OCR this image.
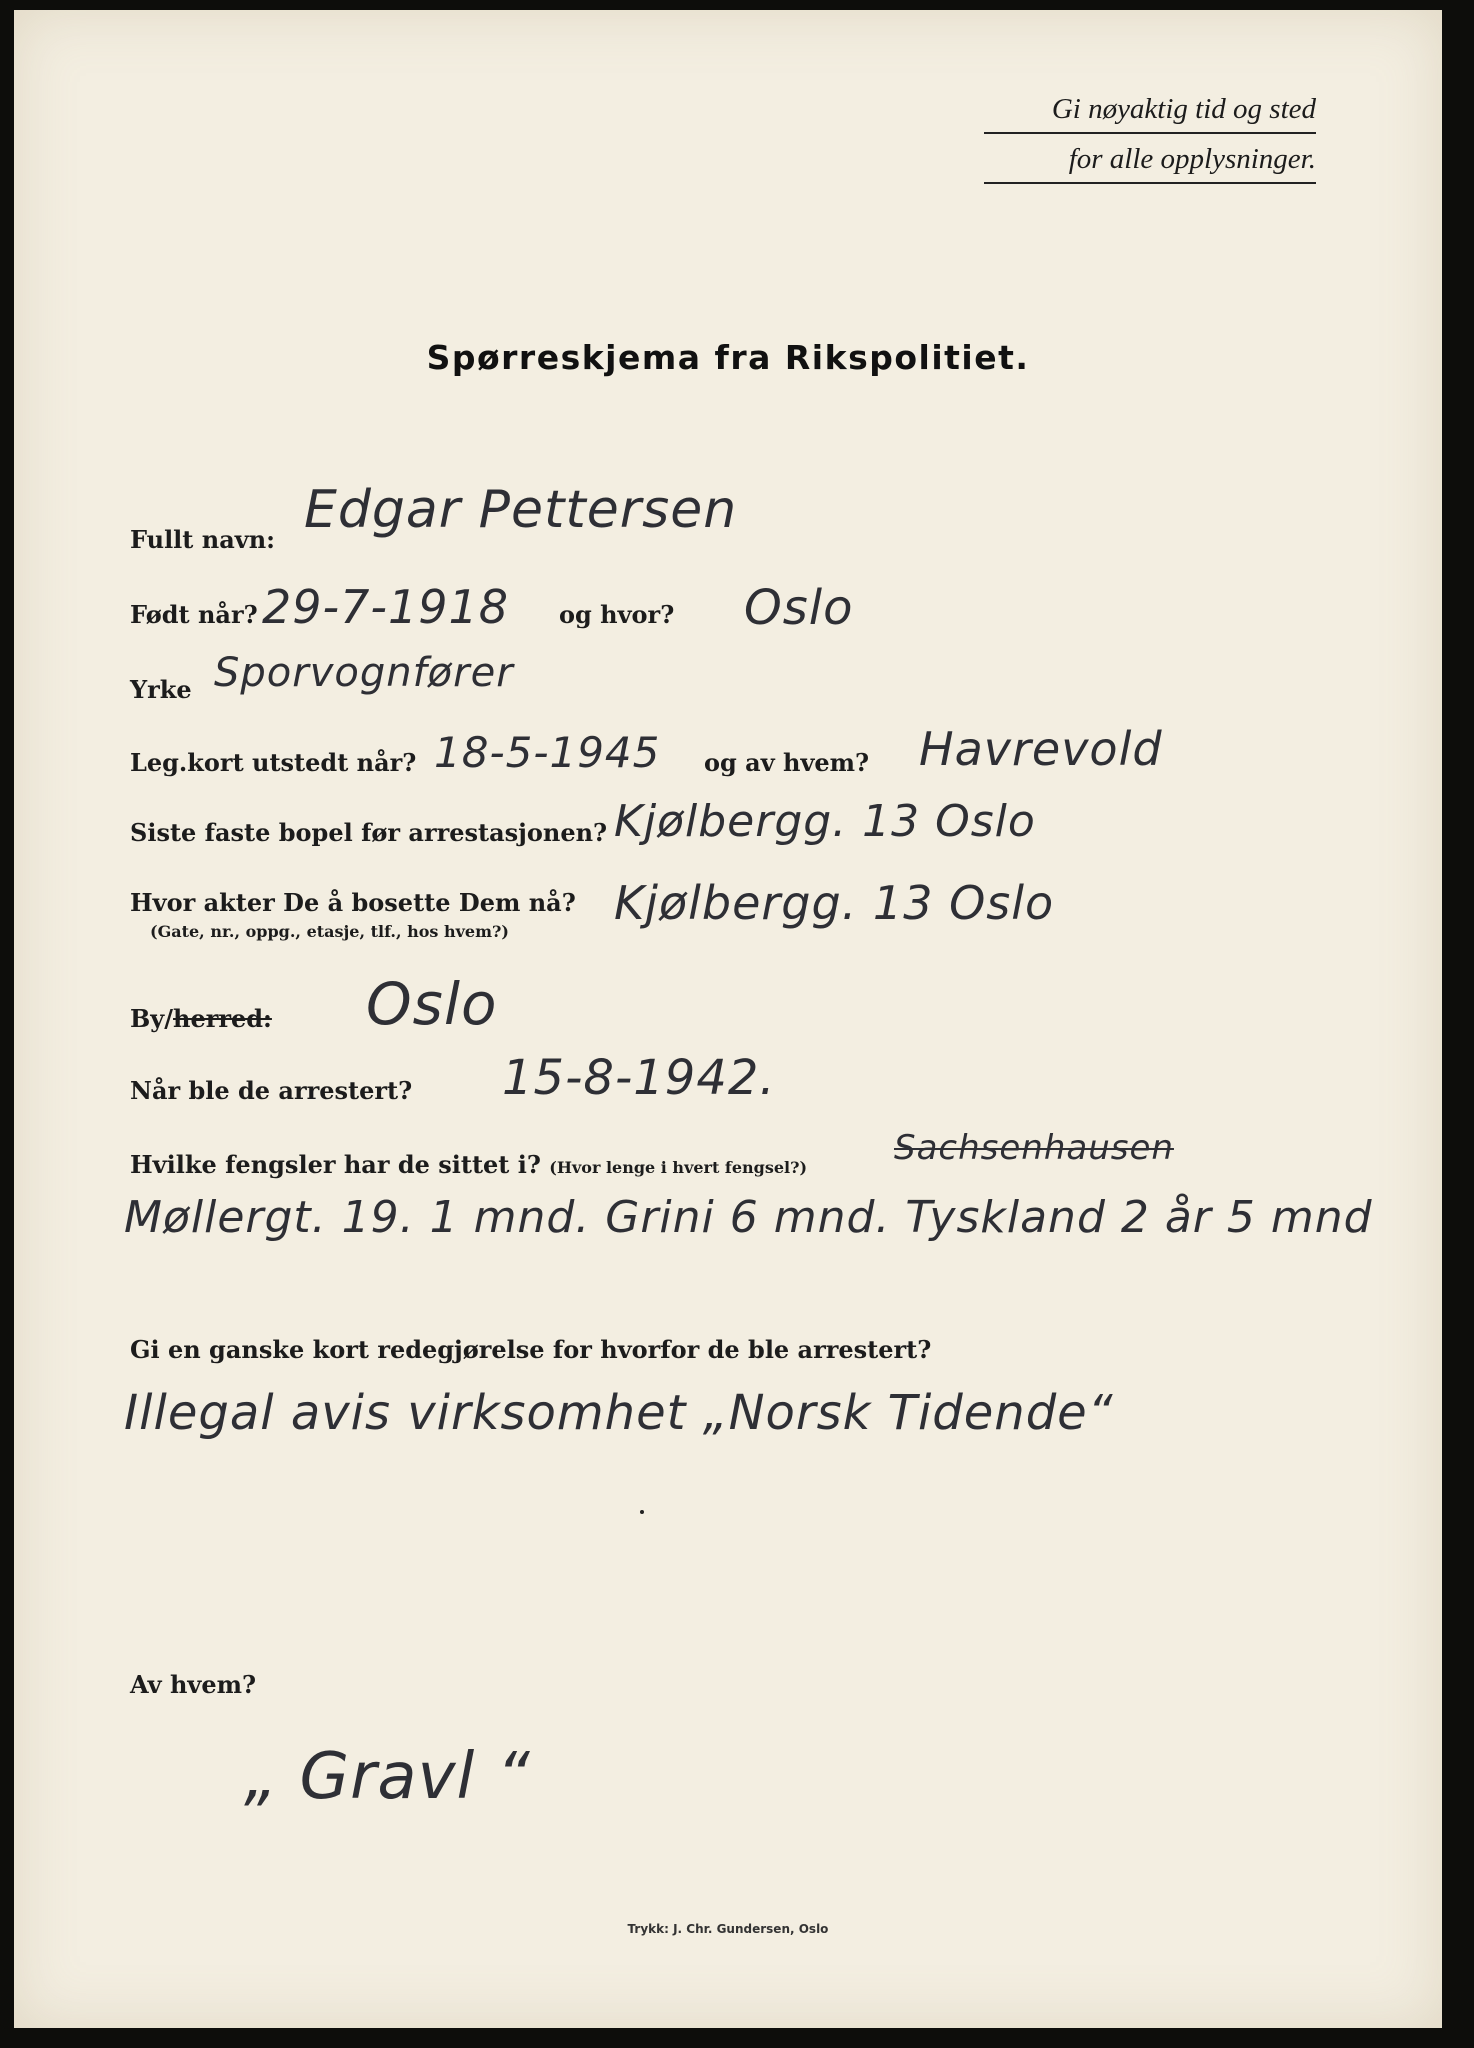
Gi nøyaktig tid og sted
for alle opplysninger.
Spørreskjema fra Rikspolitiet.
Fullt navn: Edgar Pettersen
Født når? 29-7-1918 og hvor? Oslo
Yrke Sporvognfører
Leg.kort utstedt når? 18-5-1945 og av hvem? Havrevold
Siste faste bopel før arrestasjonen? Kjølbergg. 13 Oslo
Hvor akter De å bosette Dem nå?
(Gate, nr., oppg., etasje, tlf., hos hvem?)
Kjølbergg. 13 Oslo
By/herred: Oslo
Når ble de arrestert? 15-8-1942.
Hvilke fengsler har de sittet i? (Hvor lenge i hvert fengsel?)	Sachsenhausen
Møllergt. 19. 1 mnd. Grini 6 mnd. Tyskland 2 år 5 mnd
Gi en ganske kort redegjørelse for hvorfor de ble arrestert?
Illegal avis virksomhet „Norsk Tidende“
Av hvem?
„ Gravl “
Trykk: J. Chr. Gundersen, Oslo
